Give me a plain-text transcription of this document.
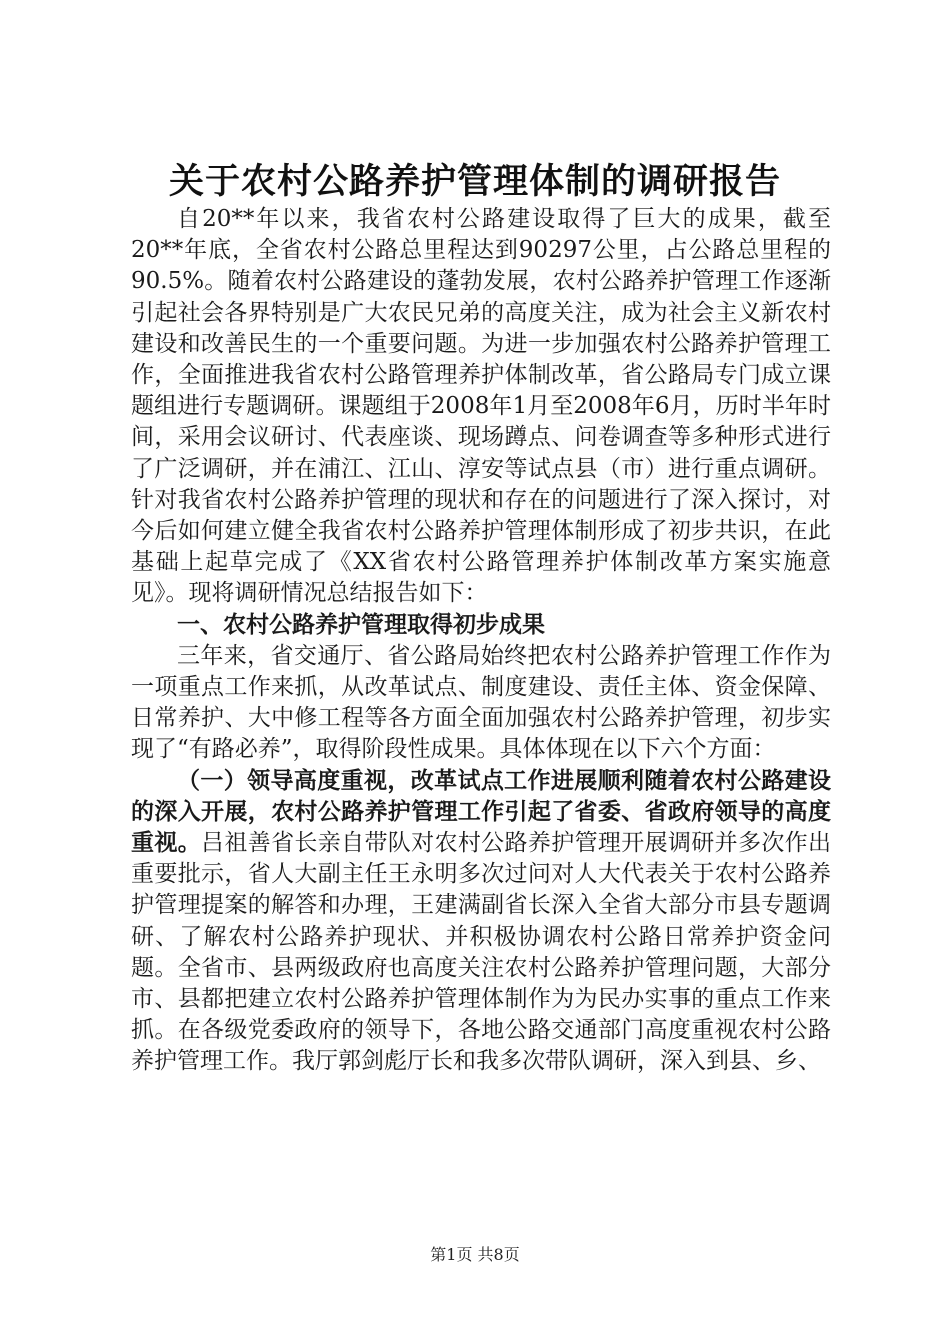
关于农村公路养护管理体制的调研报告

自20**年以来，我省农村公路建设取得了巨大的成果，截至20**年底，全省农村公路总里程达到90297公里，占公路总里程的90.5%。随着农村公路建设的蓬勃发展，农村公路养护管理工作逐渐引起社会各界特别是广大农民兄弟的高度关注，成为社会主义新农村建设和改善民生的一个重要问题。为进一步加强农村公路养护管理工作，全面推进我省农村公路管理养护体制改革，省公路局专门成立课题组进行专题调研。课题组于2008年1月至2008年6月，历时半年时间，采用会议研讨、代表座谈、现场蹲点、问卷调查等多种形式进行了广泛调研，并在浦江、江山、淳安等试点县（市）进行重点调研。针对我省农村公路养护管理的现状和存在的问题进行了深入探讨，对今后如何建立健全我省农村公路养护管理体制形成了初步共识，在此基础上起草完成了《XX省农村公路管理养护体制改革方案实施意见》。现将调研情况总结报告如下：

一、农村公路养护管理取得初步成果

三年来，省交通厅、省公路局始终把农村公路养护管理工作作为一项重点工作来抓，从改革试点、制度建设、责任主体、资金保障、日常养护、大中修工程等各方面全面加强农村公路养护管理，初步实现了“有路必养”，取得阶段性成果。具体体现在以下六个方面：

（一）领导高度重视，改革试点工作进展顺利随着农村公路建设的深入开展，农村公路养护管理工作引起了省委、省政府领导的高度重视。吕祖善省长亲自带队对农村公路养护管理开展调研并多次作出重要批示，省人大副主任王永明多次过问对人大代表关于农村公路养护管理提案的解答和办理，王建满副省长深入全省大部分市县专题调研、了解农村公路养护现状、并积极协调农村公路日常养护资金问题。全省市、县两级政府也高度关注农村公路养护管理问题，大部分市、县都把建立农村公路养护管理体制作为为民办实事的重点工作来抓。在各级党委政府的领导下，各地公路交通部门高度重视农村公路养护管理工作。我厅郭剑彪厅长和我多次带队调研，深入到县、乡、

第1页 共8页
